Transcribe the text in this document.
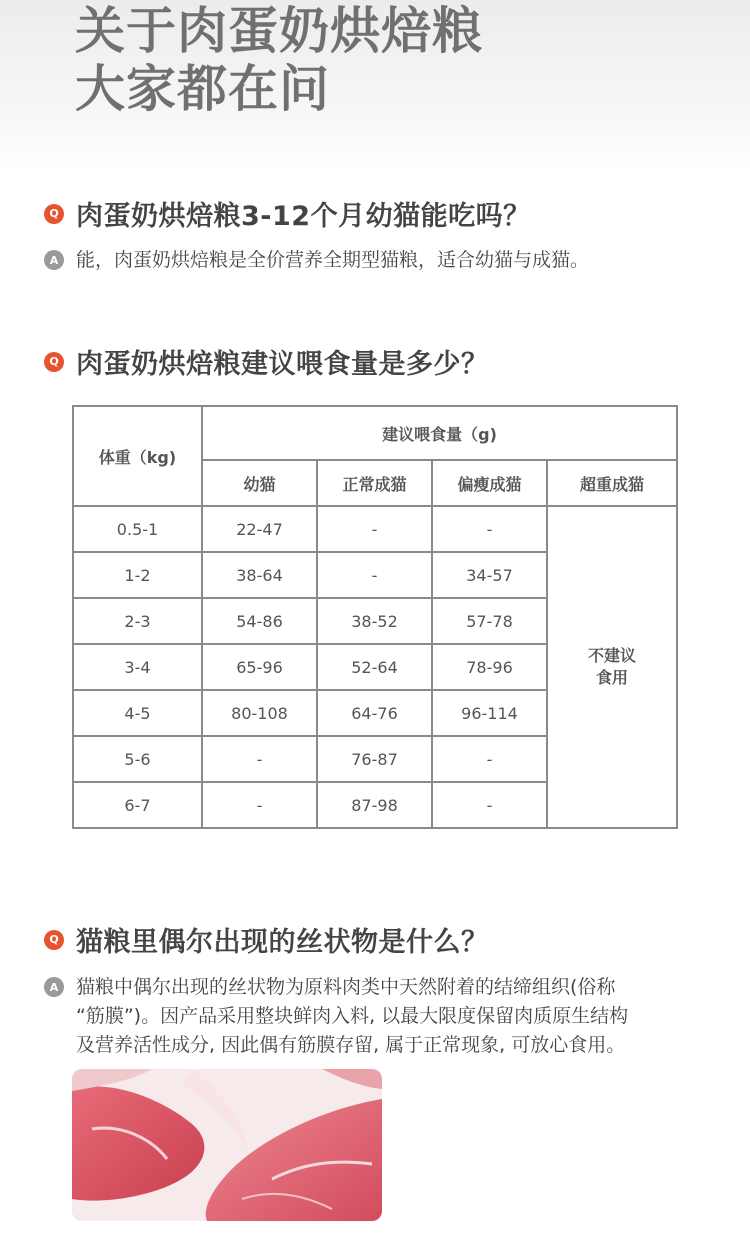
关于肉蛋奶烘焙粮
大家都在问
Q 肉蛋奶烘焙粮3-12个月幼猫能吃吗？
A 能，肉蛋奶烘焙粮是全价营养全期型猫粮，适合幼猫与成猫。

Q 肉蛋奶烘焙粮建议喂食量是多少？
体重（kg)	建议喂食量（g)			
	幼猫	正常成猫	偏瘦成猫	超重成猫
0.5-1	22-47	-	-	不建议
食用

1-2	38-64	-	34-57	
2-3	54-86	38-52	57-78	
3-4	65-96	52-64	78-96	
4-5	80-108	64-76	96-114	
5-6	-	76-87	-	
6-7	-	87-98	-	
Q 猫粮里偶尔出现的丝状物是什么？
A 猫粮中偶尔出现的丝状物为原料肉类中天然附着的结缔组织(俗称

“筋膜”)。因产品采用整块鲜肉入料, 以最大限度保留肉质原生结构

及营养活性成分, 因此偶有筋膜存留, 属于正常现象, 可放心食用。
